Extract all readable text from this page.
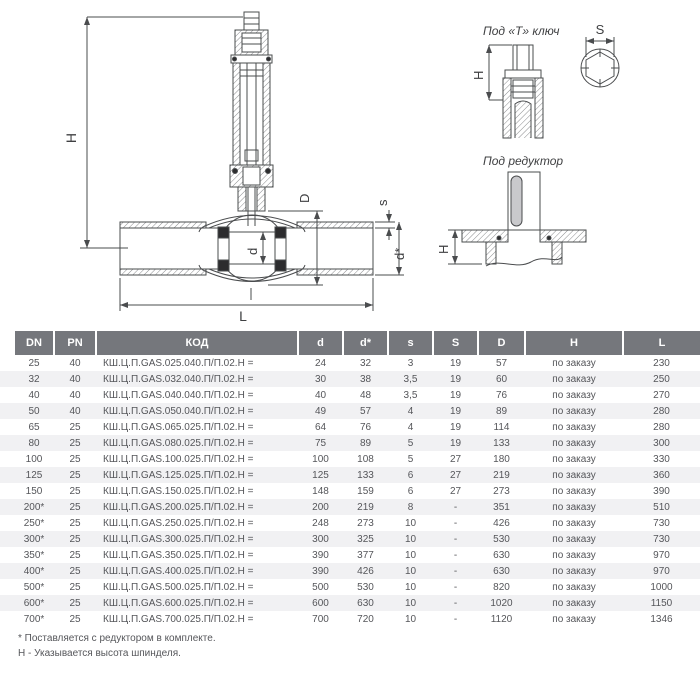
H
L
D
d
s
d*
Под «Т» ключ
H
S
Под редуктор
H
	DN	PN	КОД	d	d*	s	S	D	H	L
	25	40	КШ.Ц.П.GAS.025.040.П/П.02.Н =	24	32	3	19	57	по заказу	230
	32	40	КШ.Ц.П.GAS.032.040.П/П.02.Н =	30	38	3,5	19	60	по заказу	250
	40	40	КШ.Ц.П.GAS.040.040.П/П.02.Н =	40	48	3,5	19	76	по заказу	270
	50	40	КШ.Ц.П.GAS.050.040.П/П.02.Н =	49	57	4	19	89	по заказу	280
	65	25	КШ.Ц.П.GAS.065.025.П/П.02.Н =	64	76	4	19	114	по заказу	280
	80	25	КШ.Ц.П.GAS.080.025.П/П.02.Н =	75	89	5	19	133	по заказу	300
	100	25	КШ.Ц.П.GAS.100.025.П/П.02.Н =	100	108	5	27	180	по заказу	330
	125	25	КШ.Ц.П.GAS.125.025.П/П.02.Н =	125	133	6	27	219	по заказу	360
	150	25	КШ.Ц.П.GAS.150.025.П/П.02.Н =	148	159	6	27	273	по заказу	390
	200*	25	КШ.Ц.П.GAS.200.025.П/П.02.Н =	200	219	8	-	351	по заказу	510
	250*	25	КШ.Ц.П.GAS.250.025.П/П.02.Н =	248	273	10	-	426	по заказу	730
	300*	25	КШ.Ц.П.GAS.300.025.П/П.02.Н =	300	325	10	-	530	по заказу	730
	350*	25	КШ.Ц.П.GAS.350.025.П/П.02.Н =	390	377	10	-	630	по заказу	970
	400*	25	КШ.Ц.П.GAS.400.025.П/П.02.Н =	390	426	10	-	630	по заказу	970
	500*	25	КШ.Ц.П.GAS.500.025.П/П.02.Н =	500	530	10	-	820	по заказу	1000
	600*	25	КШ.Ц.П.GAS.600.025.П/П.02.Н =	600	630	10	-	1020	по заказу	1150
	700*	25	КШ.Ц.П.GAS.700.025.П/П.02.Н =	700	720	10	-	1120	по заказу	1346
* Поставляется с редуктором в комплекте.
Н - Указывается высота шпинделя.
